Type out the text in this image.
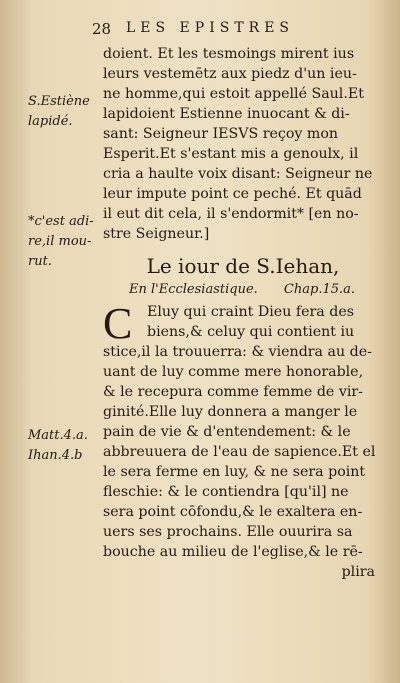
28 LES EPISTRES
S.Estiène
lapidé.
*c'est adi-
re,il mou-
rut.
Matt.4.a.
Ihan.4.b
doient. Et les tesmoings mirent ius
leurs vestemētz aux piedz d'un ieu-
ne homme,qui estoit appellé Saul.Et
lapidoient Estienne inuocant & di-
sant: Seigneur IESVS reçoy mon
Esperit.Et s'estant mis a genoulx, il
cria a haulte voix disant: Seigneur ne
leur impute point ce peché. Et quād
il eut dit cela, il s'endormit* [en no-
stre Seigneur.]
Le iour de S.Iehan,
En l'Ecclesiastique. Chap.15.a.
C	Eluy qui craint Dieu fera des
biens,& celuy qui contient iu
stice,il la trouuerra: & viendra au de-
uant de luy comme mere honorable,
& le recepura comme femme de vir-
ginité.Elle luy donnera a manger le
pain de vie & d'entendement: & le
abbreuuera de l'eau de sapience.Et el
le sera ferme en luy, & ne sera point
fleschie: & le contiendra [qu'il] ne
sera point cōfondu,& le exaltera en-
uers ses prochains. Elle ouurira sa
bouche au milieu de l'eglise,& le rē-
plira
